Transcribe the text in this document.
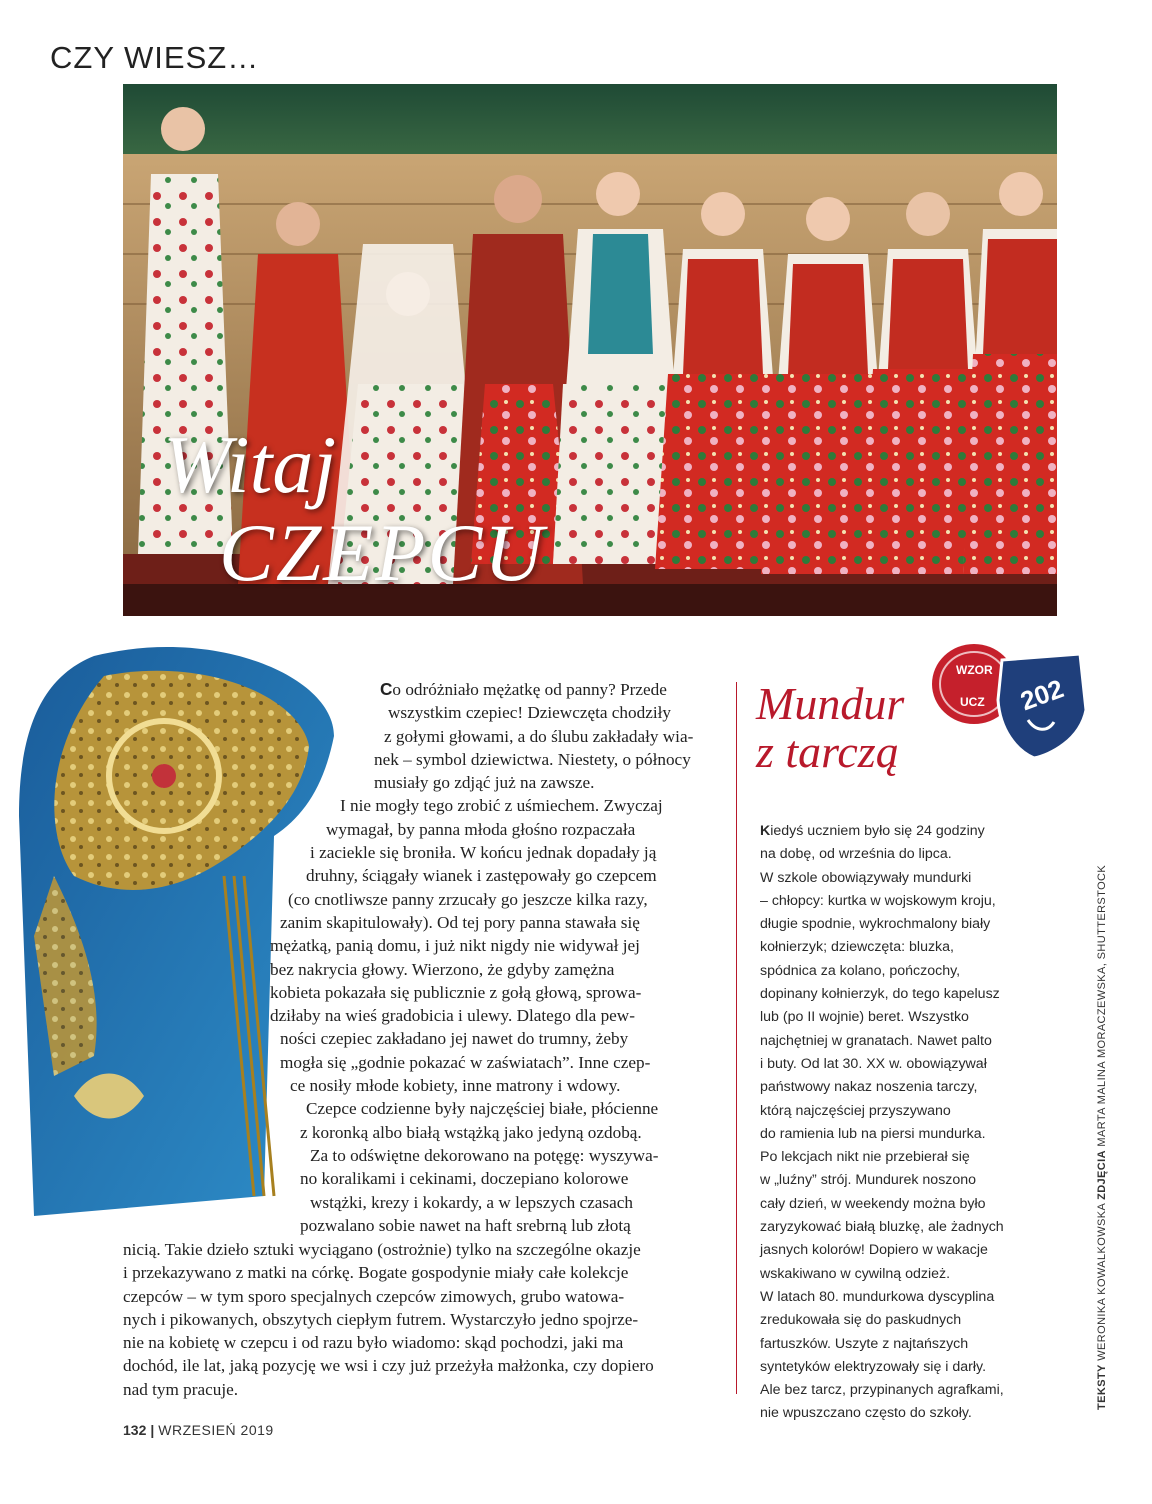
CZY WIESZ…
Witaj
CZEPCU

Co odróżniało mężatkę od panny? Przede
wszystkim czepiec! Dziewczęta chodziły
z gołymi głowami, a do ślubu zakładały wia-
nek – symbol dziewictwa. Niestety, o północy
musiały go zdjąć już na zawsze.
I nie mogły tego zrobić z uśmiechem. Zwyczaj
wymagał, by panna młoda głośno rozpaczała
i zaciekle się broniła. W końcu jednak dopadały ją
druhny, ściągały wianek i zastępowały go czepcem
(co cnotliwsze panny zrzucały go jeszcze kilka razy,
zanim skapitulowały). Od tej pory panna stawała się
mężatką, panią domu, i już nikt nigdy nie widywał jej
bez nakrycia głowy. Wierzono, że gdyby zamężna
kobieta pokazała się publicznie z gołą głową, sprowa-
dziłaby na wieś gradobicia i ulewy. Dlatego dla pew-
ności czepiec zakładano jej nawet do trumny, żeby
mogła się „godnie pokazać w zaświatach”. Inne czep-
ce nosiły młode kobiety, inne matrony i wdowy.
Czepce codzienne były najczęściej białe, płócienne
z koronką albo białą wstążką jako jedyną ozdobą.
Za to odświętne dekorowano na potęgę: wyszywa-
no koralikami i cekinami, doczepiano kolorowe
wstążki, krezy i kokardy, a w lepszych czasach
pozwalano sobie nawet na haft srebrną lub złotą

nicią. Takie dzieło sztuki wyciągano (ostrożnie) tylko na szczególne okazje
i przekazywano z matki na córkę. Bogate gospodynie miały całe kolekcje
czepców – w tym sporo specjalnych czepców zimowych, grubo watowa-
nych i pikowanych, obszytych ciepłym futrem. Wystarczyło jedno spojrze-
nie na kobietę w czepcu i od razu było wiadomo: skąd pochodzi, jaki ma
dochód, ile lat, jaką pozycję we wsi i czy już przeżyła małżonka, czy dopiero
nad tym pracuje.

Mundur
z tarczą
WZOR
UCZ 202
Kiedyś uczniem było się 24 godziny
na dobę, od września do lipca.
W szkole obowiązywały mundurki
– chłopcy: kurtka w wojskowym kroju,
długie spodnie, wykrochmalony biały
kołnierzyk; dziewczęta: bluzka,
spódnica za kolano, pończochy,
dopinany kołnierzyk, do tego kapelusz
lub (po II wojnie) beret. Wszystko
najchętniej w granatach. Nawet palto
i buty. Od lat 30. XX w. obowiązywał
państwowy nakaz noszenia tarczy,
którą najczęściej przyszywano
do ramienia lub na piersi mundurka.
Po lekcjach nikt nie przebierał się
w „luźny” strój. Mundurek noszono
cały dzień, w weekendy można było
zaryzykować białą bluzkę, ale żadnych
jasnych kolorów! Dopiero w wakacje
wskakiwano w cywilną odzież.
W latach 80. mundurkowa dyscyplina
zredukowała się do paskudnych
fartuszków. Uszyte z najtańszych
syntetyków elektryzowały się i darły.
Ale bez tarcz, przypinanych agrafkami,
nie wpuszczano często do szkoły.
TEKSTY WERONIKA KOWALKOWSKA ZDJĘCIA MARTA MALINA MORACZEWSKA, SHUTTERSTOCK
132 | WRZESIEŃ 2019
